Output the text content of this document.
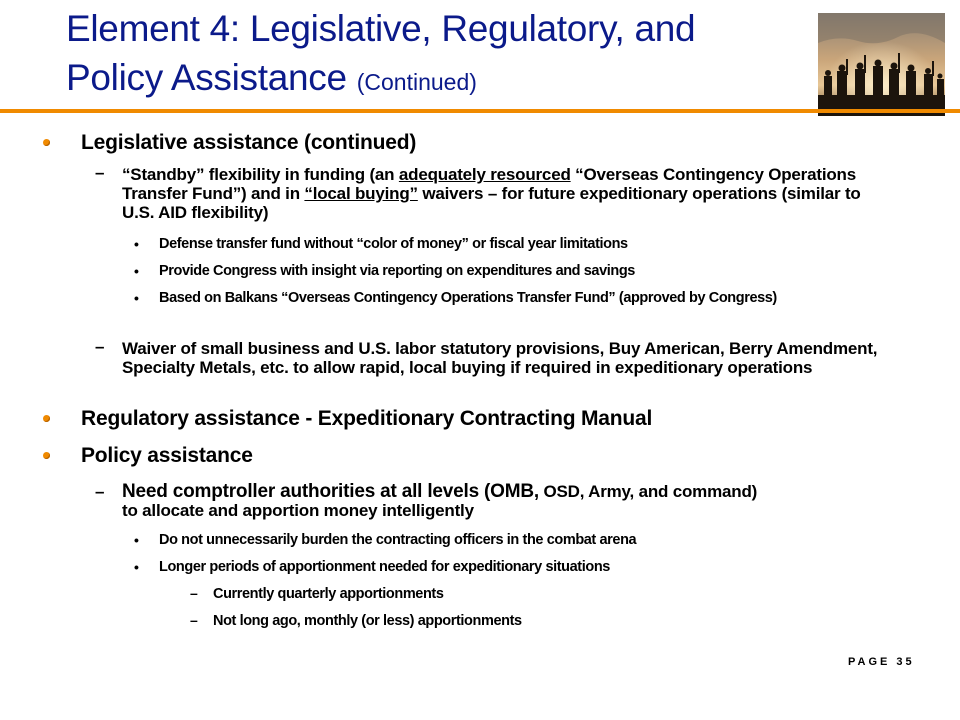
Element 4: Legislative, Regulatory, and
Policy Assistance (Continued)
Legislative assistance (continued)
– “Standby” flexibility in funding (an adequately resourced “Overseas Contingency Operations Transfer Fund”) and in “local buying” waivers – for future expeditionary operations (similar to U.S. AID flexibility)
• Defense transfer fund without “color of money” or fiscal year limitations
• Provide Congress with insight via reporting on expenditures and savings
• Based on Balkans “Overseas Contingency Operations Transfer Fund” (approved by Congress)
– Waiver of small business and U.S. labor statutory provisions, Buy American, Berry Amendment, Specialty Metals, etc. to allow rapid, local buying if required in expeditionary operations
Regulatory assistance - Expeditionary Contracting Manual
Policy assistance
– Need comptroller authorities at all levels (OMB, OSD, Army, and command)
to allocate and apportion money intelligently
• Do not unnecessarily burden the contracting officers in the combat arena
• Longer periods of apportionment needed for expeditionary situations
– Currently quarterly apportionments
– Not long ago, monthly (or less) apportionments
PAGE 35
